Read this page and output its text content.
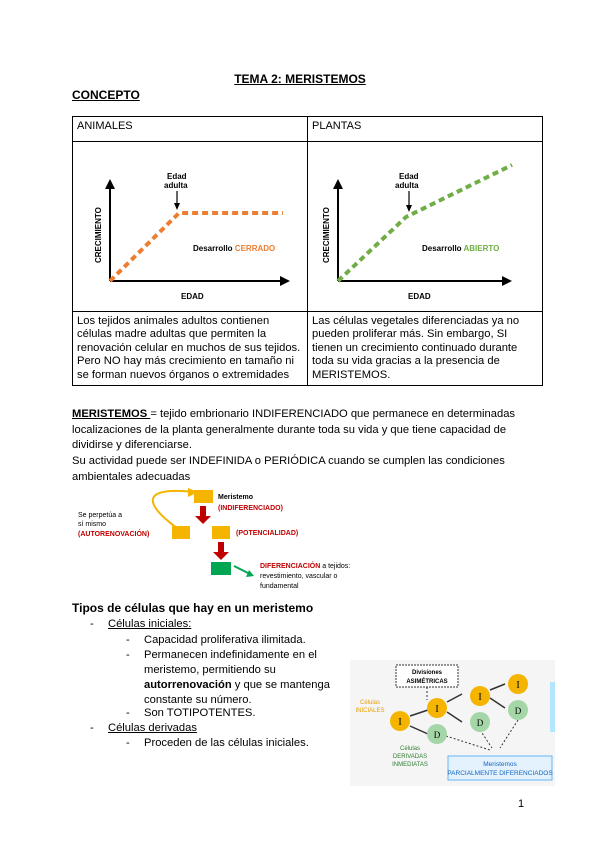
TEMA 2: MERISTEMOS
CONCEPTO
ANIMALES	PLANTAS

CRECIMIENTO
EDAD
Edad
adulta
Desarrollo CERRADO	CRECIMIENTO
EDAD
Edad
adulta
Desarrollo ABIERTO

Los tejidos animales adultos contienen células madre adultas que permiten la renovación celular en muchos de sus tejidos. Pero NO hay más crecimiento en tamaño ni se forman nuevos órganos o extremidades	Las células vegetales diferenciadas ya no pueden proliferar más. Sin embargo, SI tienen un crecimiento continuado durante toda su vida gracias a la presencia de MERISTEMOS.
MERISTEMOS = tejido embrionario INDIFERENCIADO que permanece en determinadas localizaciones de la planta generalmente durante toda su vida y que tiene capacidad de dividirse y diferenciarse.
Su actividad puede ser INDEFINIDA o PERIÓDICA cuando se cumplen las condiciones ambientales adecuadas
Se perpetúa a
sí mismo
(AUTORENOVACIÓN)
Meristemo
(INDIFERENCIADO)
(POTENCIALIDAD)
DIFERENCIACIÓN a tejidos:
revestimiento, vascular o
fundamental
Tipos de células que hay en un meristemo
- Células iniciales:
- Capacidad proliferativa ilimitada.
- Permanecen indefinidamente en el meristemo, permitiendo su autorrenovación y que se mantenga constante su número.
- Son TOTIPOTENTES.
- Células derivadas
- Proceden de las células iniciales.
Divisiones
ASIMÉTRICAS
Células
INICIALES
Células
DERIVADAS
INMEDIATAS
I
I
D
I
D
I
D
Meristemos
PARCIALMENTE DIFERENCIADOS
1
